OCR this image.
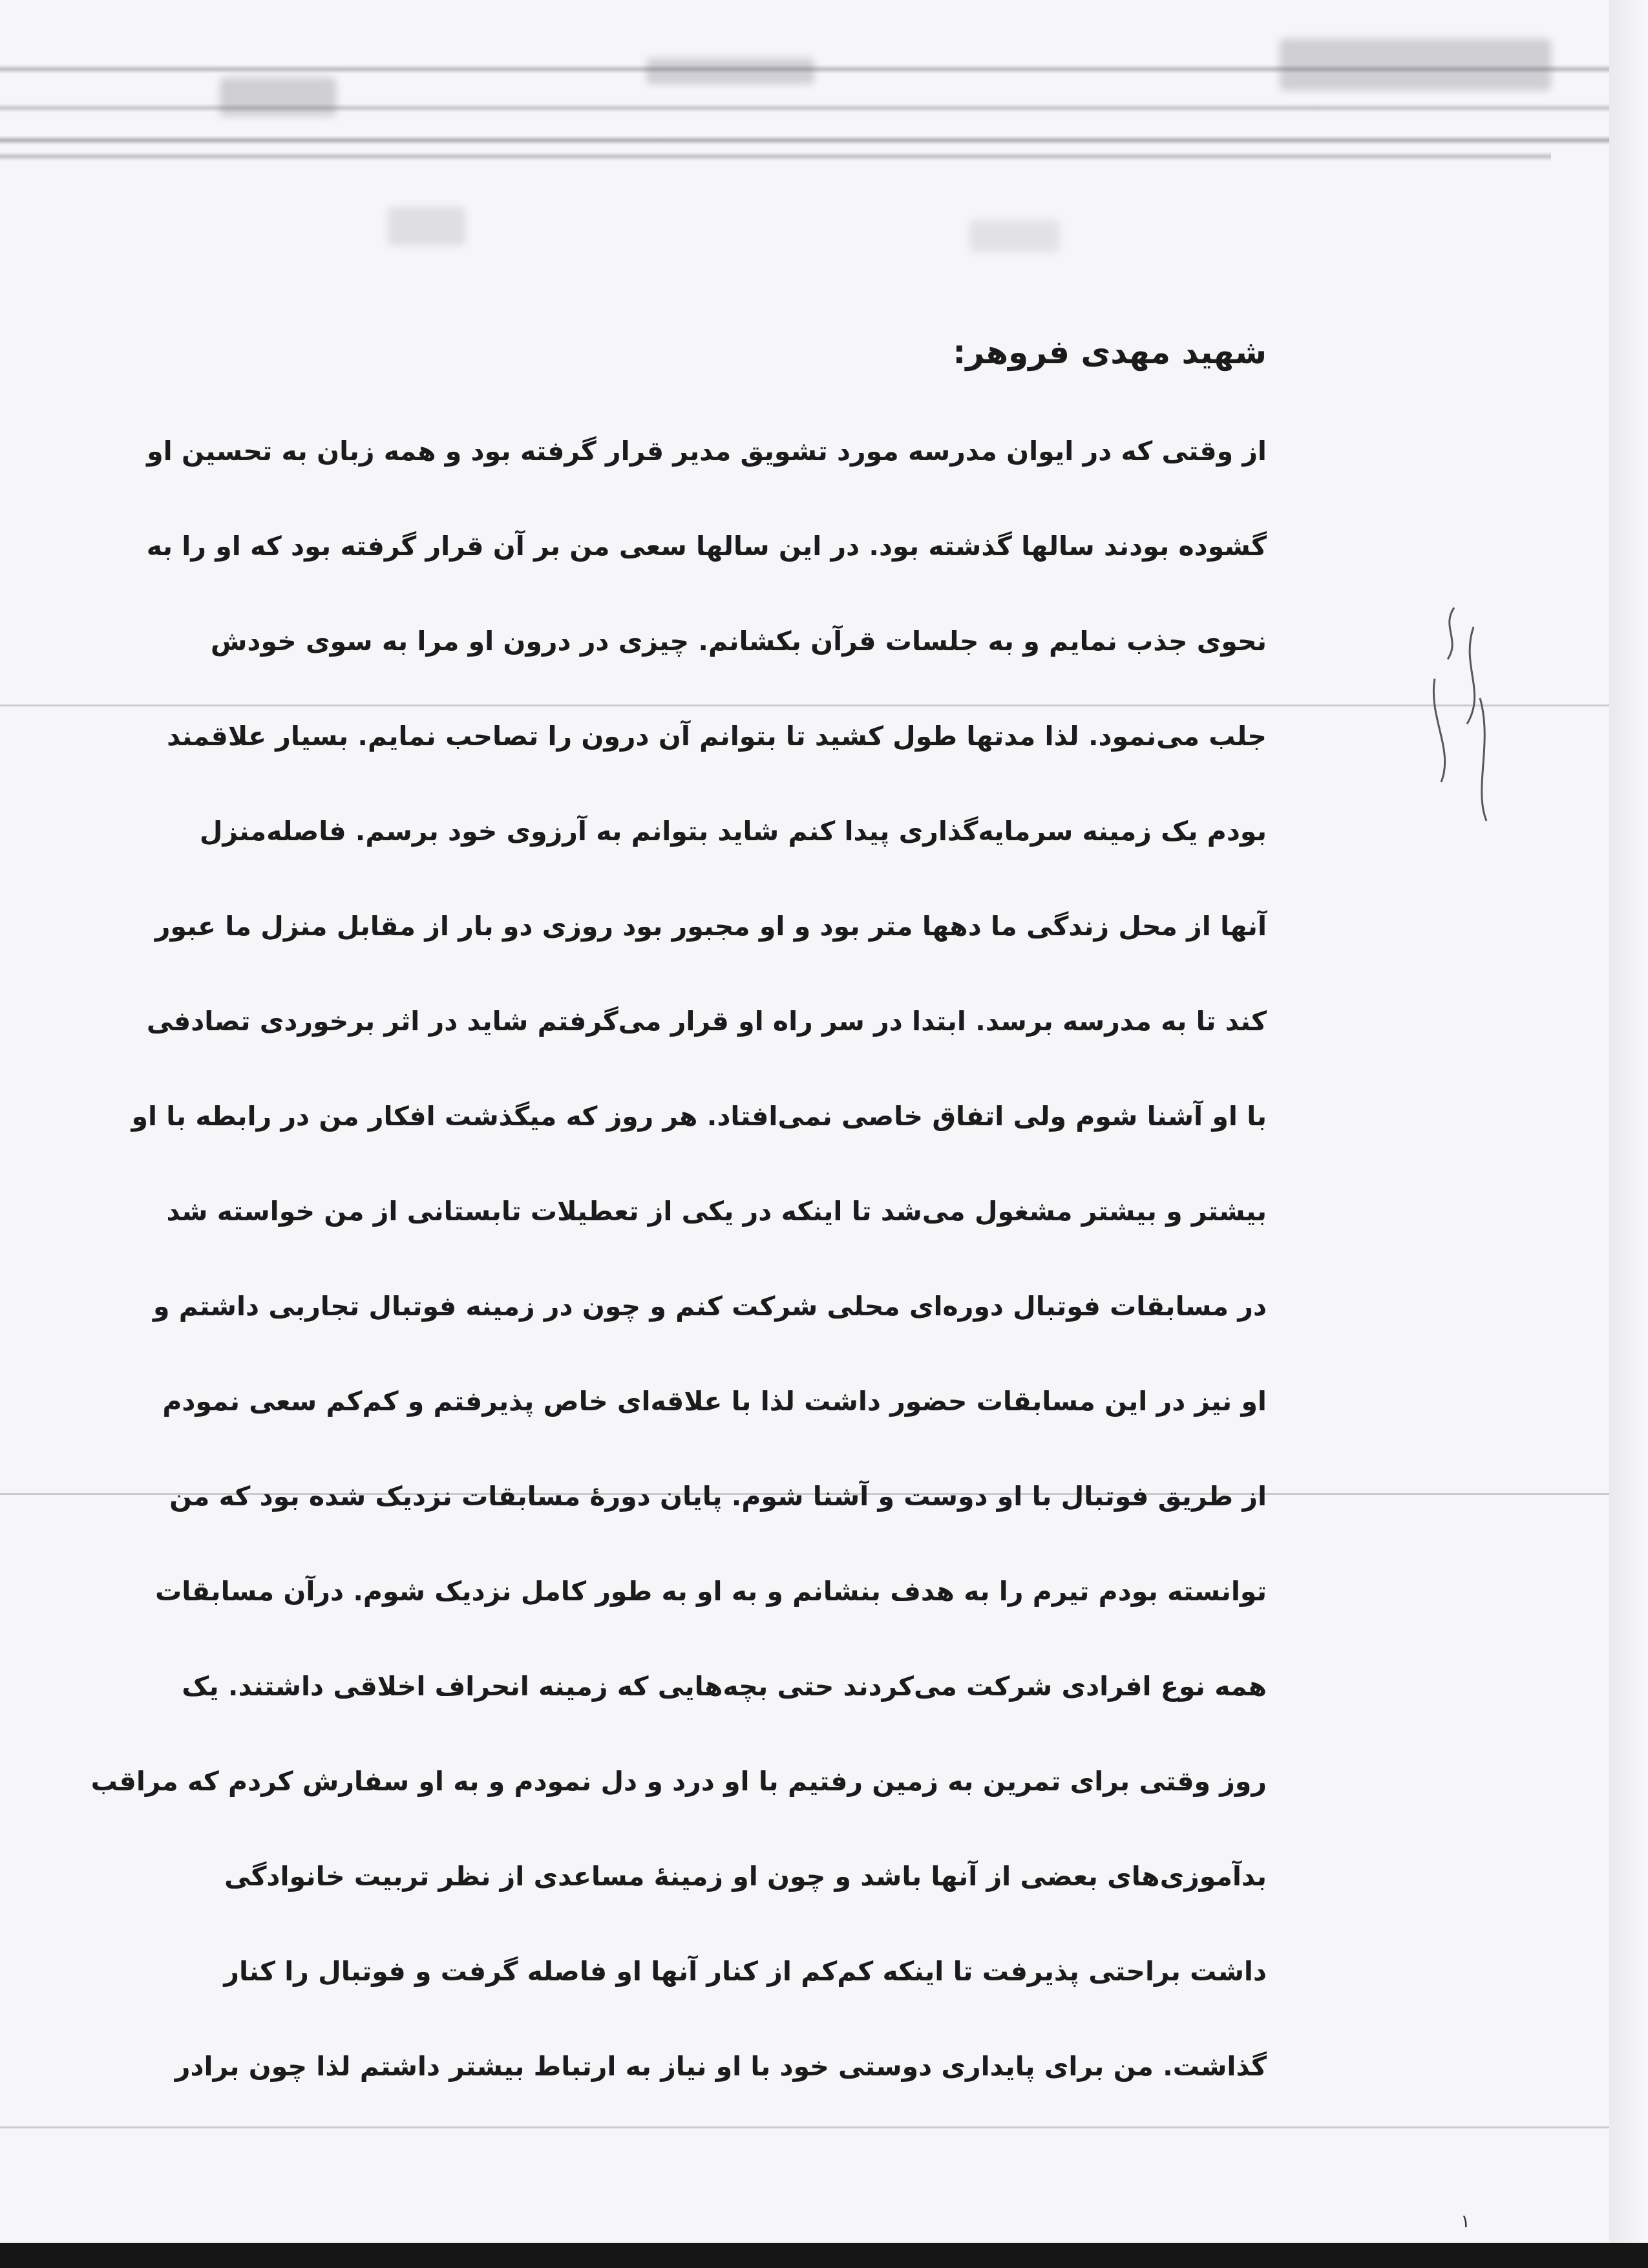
شهید مهدی فروهر:
از وقتی که در ایوان مدرسه مورد تشویق مدیر قرار گرفته بود و همه زبان به تحسین او
گشوده بودند سالها گذشته بود. در این سالها سعی من بر آن قرار گرفته بود که او را به
نحوی جذب نمایم و به جلسات قرآن بکشانم. چیزی در درون او مرا به سوی خودش
جلب می‌نمود. لذا مدتها طول کشید تا بتوانم آن درون را تصاحب نمایم. بسیار علاقمند
بودم یک زمینه سرمایه‌گذاری پیدا کنم شاید بتوانم به آرزوی خود برسم. فاصله‌منزل
آنها از محل زندگی ما دهها متر بود و او مجبور بود روزی دو بار از مقابل منزل ما عبور
کند تا به مدرسه برسد. ابتدا در سر راه او قرار می‌گرفتم شاید در اثر برخوردی تصادفی
با او آشنا شوم ولی اتفاق خاصی نمی‌افتاد. هر روز که میگذشت افکار من در رابطه با او
بیشتر و بیشتر مشغول می‌شد تا اینکه در یکی از تعطیلات تابستانی از من خواسته شد
در مسابقات فوتبال دوره‌ای محلی شرکت کنم و چون در زمینه فوتبال تجاربی داشتم و
او نیز در این مسابقات حضور داشت لذا با علاقه‌ای خاص پذیرفتم و کم‌کم سعی نمودم
از طریق فوتبال با او دوست و آشنا شوم. پایان دورهٔ مسابقات نزدیک شده بود که من
توانسته بودم تیرم را به هدف بنشانم و به او به طور کامل نزدیک شوم. درآن مسابقات
همه نوع افرادی شرکت می‌کردند حتی بچه‌هایی که زمینه انحراف اخلاقی داشتند. یک
روز وقتی برای تمرین به زمین رفتیم با او درد و دل نمودم و به او سفارش کردم که مراقب
بدآموزی‌های بعضی از آنها باشد و چون او زمینهٔ مساعدی از نظر تربیت خانوادگی
داشت براحتی پذیرفت تا اینکه کم‌کم از کنار آنها او فاصله گرفت و فوتبال را کنار
گذاشت. من برای پایداری دوستی خود با او نیاز به ارتباط بیشتر داشتم لذا چون برادر
۱
